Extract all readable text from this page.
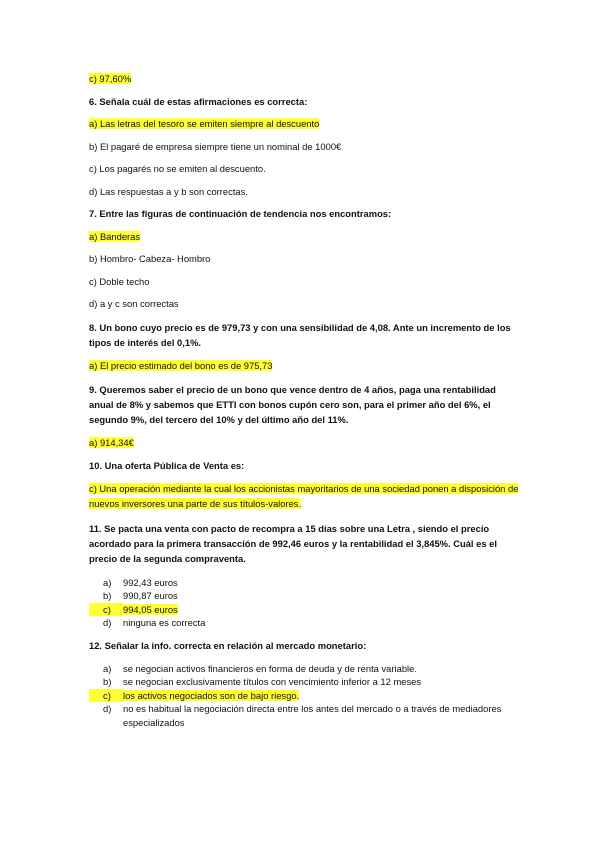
c) 97,60%

6. Señala cuál de estas afirmaciones es correcta:

a) Las letras del tesoro se emiten siempre al descuento

b) El pagaré de empresa siempre tiene un nominal de 1000€

c) Los pagarés no se emiten al descuento.

d) Las respuestas a y b son correctas.

7. Entre las figuras de continuación de tendencia nos encontramos:

a) Banderas

b) Hombro- Cabeza- Hombro

c) Doble techo

d) a y c son correctas

8. Un bono cuyo precio es de 979,73 y con una sensibilidad de 4,08. Ante un incremento de los tipos de interés del 0,1%.

a) El precio estimado del bono es de 975,73

9. Queremos saber el precio de un bono que vence dentro de 4 años, paga una rentabilidad anual de 8% y sabemos que ETTI con bonos cupón cero son, para el primer año del 6%, el segundo 9%, del tercero del 10% y del último año del 11%.

a) 914,34€

10. Una oferta Pública de Venta es:

c) Una operación mediante la cual los accionistas mayoritarios de una sociedad ponen a disposición de nuevos inversores una parte de sus títulos-valores.

11. Se pacta una venta con pacto de recompra a 15 días sobre una Letra , siendo el precio acordado para la primera transacción de 992,46 euros y la rentabilidad el 3,845%. Cuál es el precio de la segunda compraventa.

a)	992,43 euros
b)	990,87 euros
c)	994,05 euros
d)	ninguna es correcta

12. Señalar la info. correcta en relación al mercado monetario:

a)	se negocian activos financieros en forma de deuda y de renta variable.
b)	se negocian exclusivamente títulos con vencimiento inferior a 12 meses
c)	los activos negociados son de bajo riesgo.
d)	no es habitual la negociación directa entre los antes del mercado o a través de mediadores especializados
